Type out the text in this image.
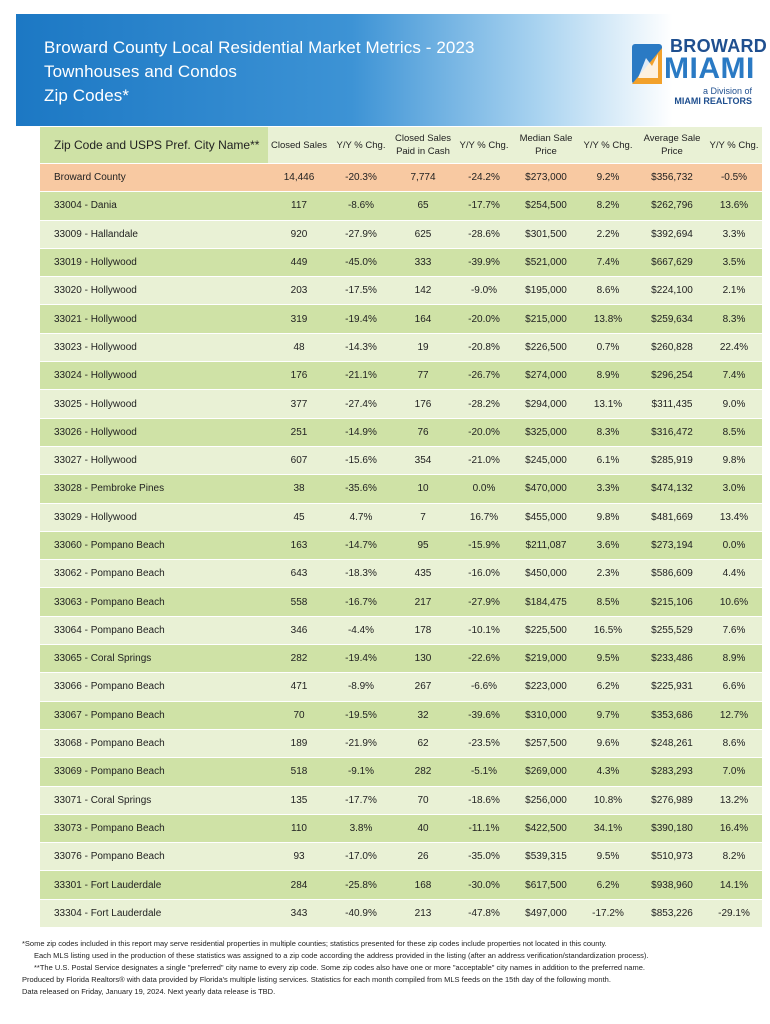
Broward County Local Residential Market Metrics - 2023
Townhouses and Condos
Zip Codes*
BROWARD
MIAMI
a Division of
MIAMI REALTORS
Zip Code and USPS Pref. City Name**	Closed Sales	Y/Y % Chg.	Closed Sales Paid in Cash	Y/Y % Chg.	Median Sale Price	Y/Y % Chg.	Average Sale Price	Y/Y % Chg.
Broward County	14,446	-20.3%	7,774	-24.2%	$273,000	9.2%	$356,732	-0.5%
33004 - Dania	117	-8.6%	65	-17.7%	$254,500	8.2%	$262,796	13.6%
33009 - Hallandale	920	-27.9%	625	-28.6%	$301,500	2.2%	$392,694	3.3%
33019 - Hollywood	449	-45.0%	333	-39.9%	$521,000	7.4%	$667,629	3.5%
33020 - Hollywood	203	-17.5%	142	-9.0%	$195,000	8.6%	$224,100	2.1%
33021 - Hollywood	319	-19.4%	164	-20.0%	$215,000	13.8%	$259,634	8.3%
33023 - Hollywood	48	-14.3%	19	-20.8%	$226,500	0.7%	$260,828	22.4%
33024 - Hollywood	176	-21.1%	77	-26.7%	$274,000	8.9%	$296,254	7.4%
33025 - Hollywood	377	-27.4%	176	-28.2%	$294,000	13.1%	$311,435	9.0%
33026 - Hollywood	251	-14.9%	76	-20.0%	$325,000	8.3%	$316,472	8.5%
33027 - Hollywood	607	-15.6%	354	-21.0%	$245,000	6.1%	$285,919	9.8%
33028 - Pembroke Pines	38	-35.6%	10	0.0%	$470,000	3.3%	$474,132	3.0%
33029 - Hollywood	45	4.7%	7	16.7%	$455,000	9.8%	$481,669	13.4%
33060 - Pompano Beach	163	-14.7%	95	-15.9%	$211,087	3.6%	$273,194	0.0%
33062 - Pompano Beach	643	-18.3%	435	-16.0%	$450,000	2.3%	$586,609	4.4%
33063 - Pompano Beach	558	-16.7%	217	-27.9%	$184,475	8.5%	$215,106	10.6%
33064 - Pompano Beach	346	-4.4%	178	-10.1%	$225,500	16.5%	$255,529	7.6%
33065 - Coral Springs	282	-19.4%	130	-22.6%	$219,000	9.5%	$233,486	8.9%
33066 - Pompano Beach	471	-8.9%	267	-6.6%	$223,000	6.2%	$225,931	6.6%
33067 - Pompano Beach	70	-19.5%	32	-39.6%	$310,000	9.7%	$353,686	12.7%
33068 - Pompano Beach	189	-21.9%	62	-23.5%	$257,500	9.6%	$248,261	8.6%
33069 - Pompano Beach	518	-9.1%	282	-5.1%	$269,000	4.3%	$283,293	7.0%
33071 - Coral Springs	135	-17.7%	70	-18.6%	$256,000	10.8%	$276,989	13.2%
33073 - Pompano Beach	110	3.8%	40	-11.1%	$422,500	34.1%	$390,180	16.4%
33076 - Pompano Beach	93	-17.0%	26	-35.0%	$539,315	9.5%	$510,973	8.2%
33301 - Fort Lauderdale	284	-25.8%	168	-30.0%	$617,500	6.2%	$938,960	14.1%
33304 - Fort Lauderdale	343	-40.9%	213	-47.8%	$497,000	-17.2%	$853,226	-29.1%
*Some zip codes included in this report may serve residential properties in multiple counties; statistics presented for these zip codes include properties not located in this county.
Each MLS listing used in the production of these statistics was assigned to a zip code according the address provided in the listing (after an address verification/standardization process).
**The U.S. Postal Service designates a single "preferred" city name to every zip code. Some zip codes also have one or more "acceptable" city names in addition to the preferred name.
Produced by Florida Realtors® with data provided by Florida's multiple listing services. Statistics for each month compiled from MLS feeds on the 15th day of the following month.
Data released on Friday, January 19, 2024. Next yearly data release is TBD.
